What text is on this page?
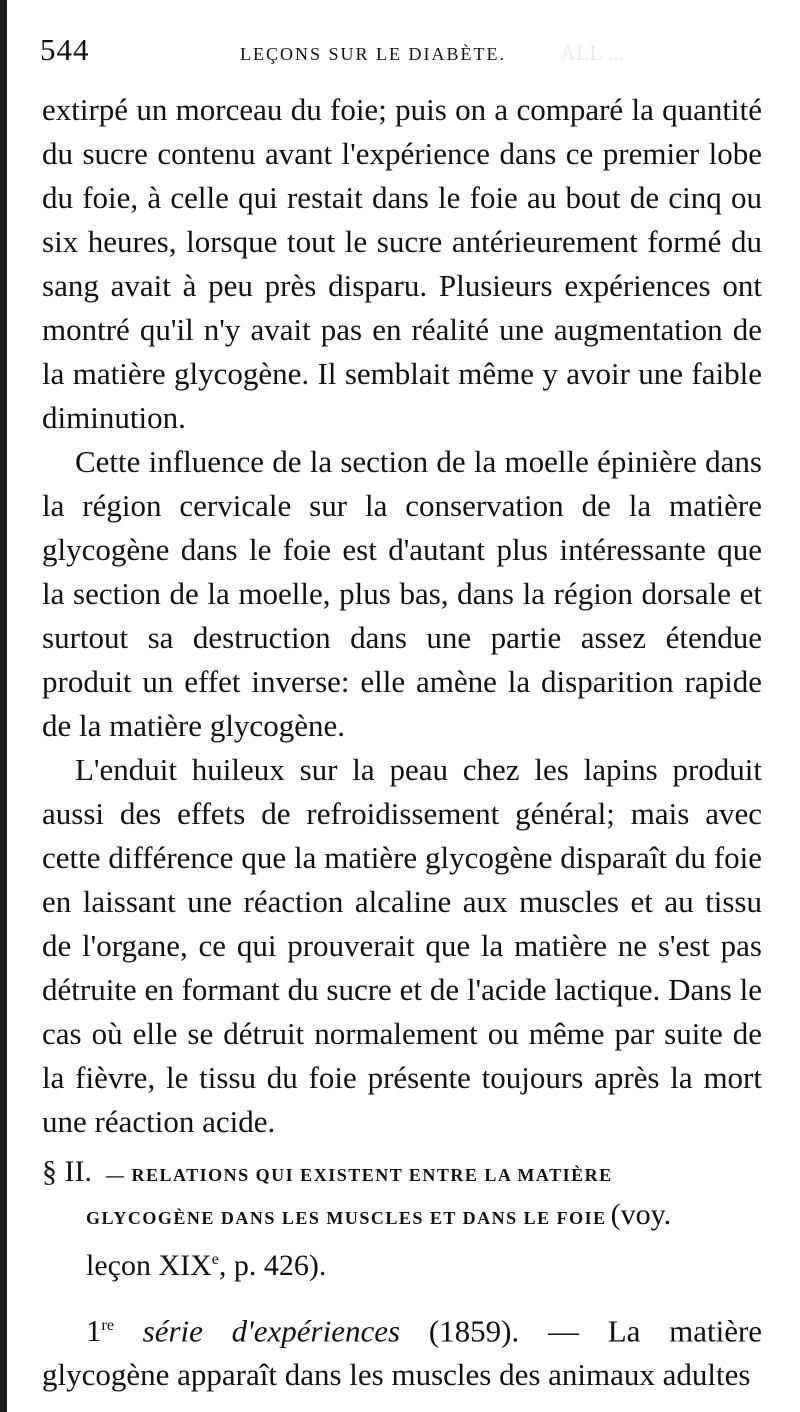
ALL ...
544	LEÇONS SUR LE DIABÈTE.

extirpé un morceau du foie; puis on a comparé la quantité du sucre contenu avant l'expérience dans ce premier lobe du foie, à celle qui restait dans le foie au bout de cinq ou six heures, lorsque tout le sucre antérieurement formé du sang avait à peu près disparu. Plusieurs expériences ont montré qu'il n'y avait pas en réalité une augmentation de la matière glycogène. Il semblait même y avoir une faible diminution.

Cette influence de la section de la moelle épinière dans la région cervicale sur la conservation de la matière glycogène dans le foie est d'autant plus intéressante que la section de la moelle, plus bas, dans la région dorsale et surtout sa destruction dans une partie assez étendue produit un effet inverse: elle amène la disparition rapide de la matière glycogène.

L'enduit huileux sur la peau chez les lapins produit aussi des effets de refroidissement général; mais avec cette différence que la matière glycogène disparaît du foie en laissant une réaction alcaline aux muscles et au tissu de l'organe, ce qui prouverait que la matière ne s'est pas détruite en formant du sucre et de l'acide lactique. Dans le cas où elle se détruit normalement ou même par suite de la fièvre, le tissu du foie présente toujours après la mort une réaction acide.

§ II. — RELATIONS QUI EXISTENT ENTRE LA MATIÈRE
GLYCOGÈNE DANS LES MUSCLES ET DANS LE FOIE (voy.
leçon XIXe, p. 426).
1re série d'expériences (1859). — La matière glycogène apparaît dans les muscles des animaux adultes
